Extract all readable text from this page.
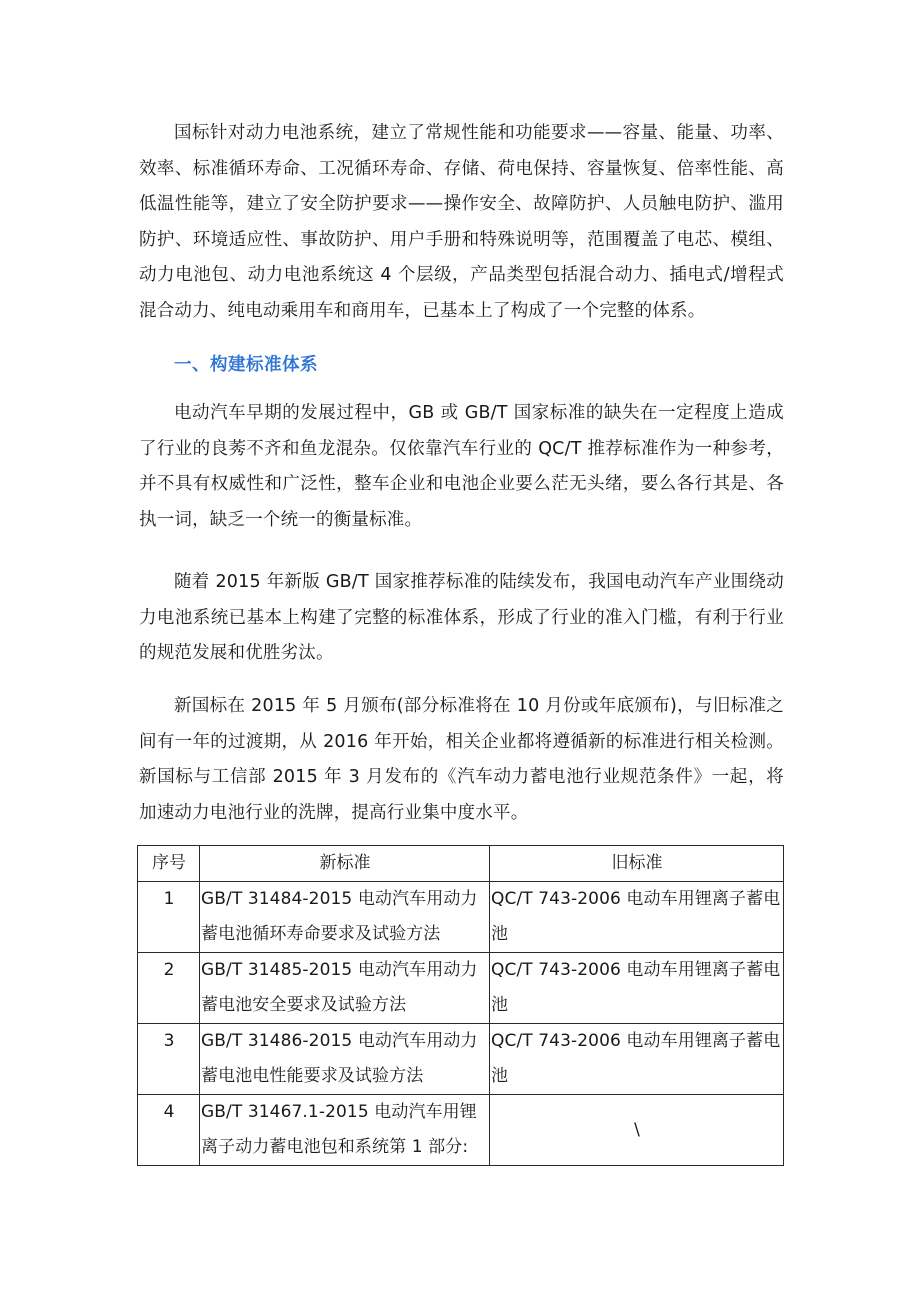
国标针对动力电池系统，建立了常规性能和功能要求——容量、能量、功率、效率、标准循环寿命、工况循环寿命、存储、荷电保持、容量恢复、倍率性能、高低温性能等，建立了安全防护要求——操作安全、故障防护、人员触电防护、滥用防护、环境适应性、事故防护、用户手册和特殊说明等，范围覆盖了电芯、模组、动力电池包、动力电池系统这 4 个层级，产品类型包括混合动力、插电式/增程式混合动力、纯电动乘用车和商用车，已基本上了构成了一个完整的体系。

一、构建标准体系

电动汽车早期的发展过程中，GB 或 GB/T 国家标准的缺失在一定程度上造成了行业的良莠不齐和鱼龙混杂。仅依靠汽车行业的 QC/T 推荐标准作为一种参考，并不具有权威性和广泛性，整车企业和电池企业要么茫无头绪，要么各行其是、各执一词，缺乏一个统一的衡量标准。

随着 2015 年新版 GB/T 国家推荐标准的陆续发布，我国电动汽车产业围绕动力电池系统已基本上构建了完整的标准体系，形成了行业的准入门槛，有利于行业的规范发展和优胜劣汰。

新国标在 2015 年 5 月颁布(部分标准将在 10 月份或年底颁布)，与旧标准之间有一年的过渡期，从 2016 年开始，相关企业都将遵循新的标准进行相关检测。新国标与工信部 2015 年 3 月发布的《汽车动力蓄电池行业规范条件》一起，将加速动力电池行业的洗牌，提高行业集中度水平。

序号	新标准	旧标准
1	GB/T 31484-2015 电动汽车用动力蓄电池循环寿命要求及试验方法	QC/T 743-2006 电动车用锂离子蓄电池
2	GB/T 31485-2015 电动汽车用动力蓄电池安全要求及试验方法	QC/T 743-2006 电动车用锂离子蓄电池
3	GB/T 31486-2015 电动汽车用动力蓄电池电性能要求及试验方法	QC/T 743-2006 电动车用锂离子蓄电池
4	GB/T 31467.1-2015 电动汽车用锂离子动力蓄电池包和系统第 1 部分:	\
